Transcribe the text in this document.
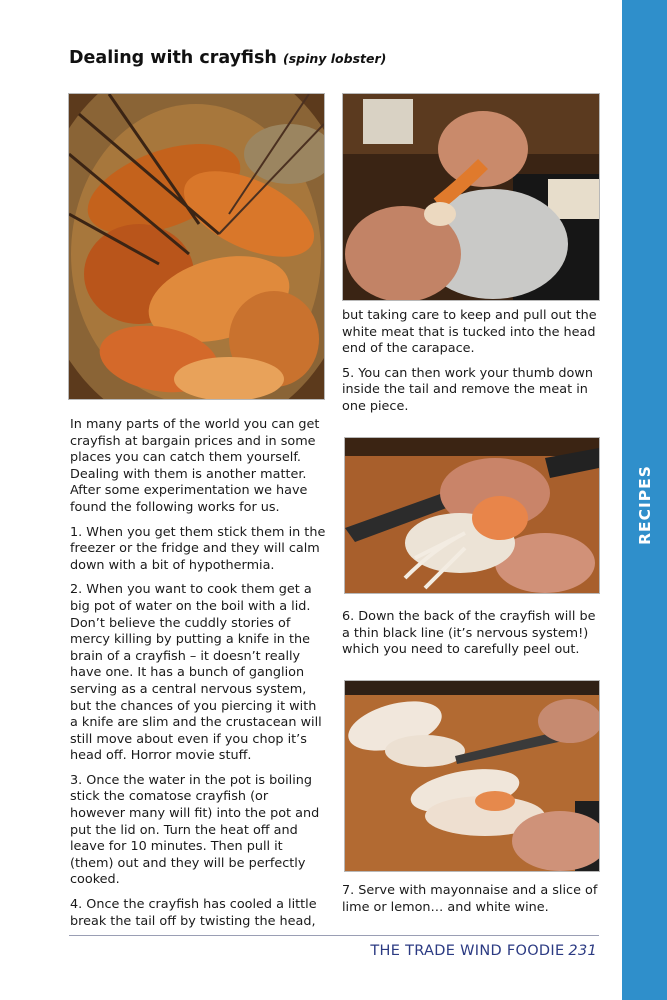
RECIPES
Dealing with crayfish (spiny lobster)

but taking care to keep and pull out the white meat that is tucked into the head end of the carapace.

5. You can then work your thumb down inside the tail and remove the meat in one piece.

6. Down the back of the crayfish will be a thin black line (it’s nervous system!) which you need to carefully peel out.

7. Serve with mayonnaise and a slice of lime or lemon… and white wine.

In many parts of the world you can get crayfish at bargain prices and in some places you can catch them yourself. Dealing with them is another matter. After some experimentation we have found the following works for us.

1. When you get them stick them in the freezer or the fridge and they will calm down with a bit of hypothermia.

2. When you want to cook them get a big pot of water on the boil with a lid. Don’t believe the cuddly stories of mercy killing by putting a knife in the brain of a crayfish – it doesn’t really have one. It has a bunch of ganglion serving as a central nervous system, but the chances of you piercing it with a knife are slim and the crustacean will still move about even if you chop it’s head off. Horror movie stuff.

3. Once the water in the pot is boiling stick the comatose crayfish (or however many will fit) into the pot and put the lid on. Turn the heat off and leave for 10 minutes. Then pull it (them) out and they will be perfectly cooked.

4. Once the crayfish has cooled a little break the tail off by twisting the head,

THE TRADE WIND FOODIE 231
